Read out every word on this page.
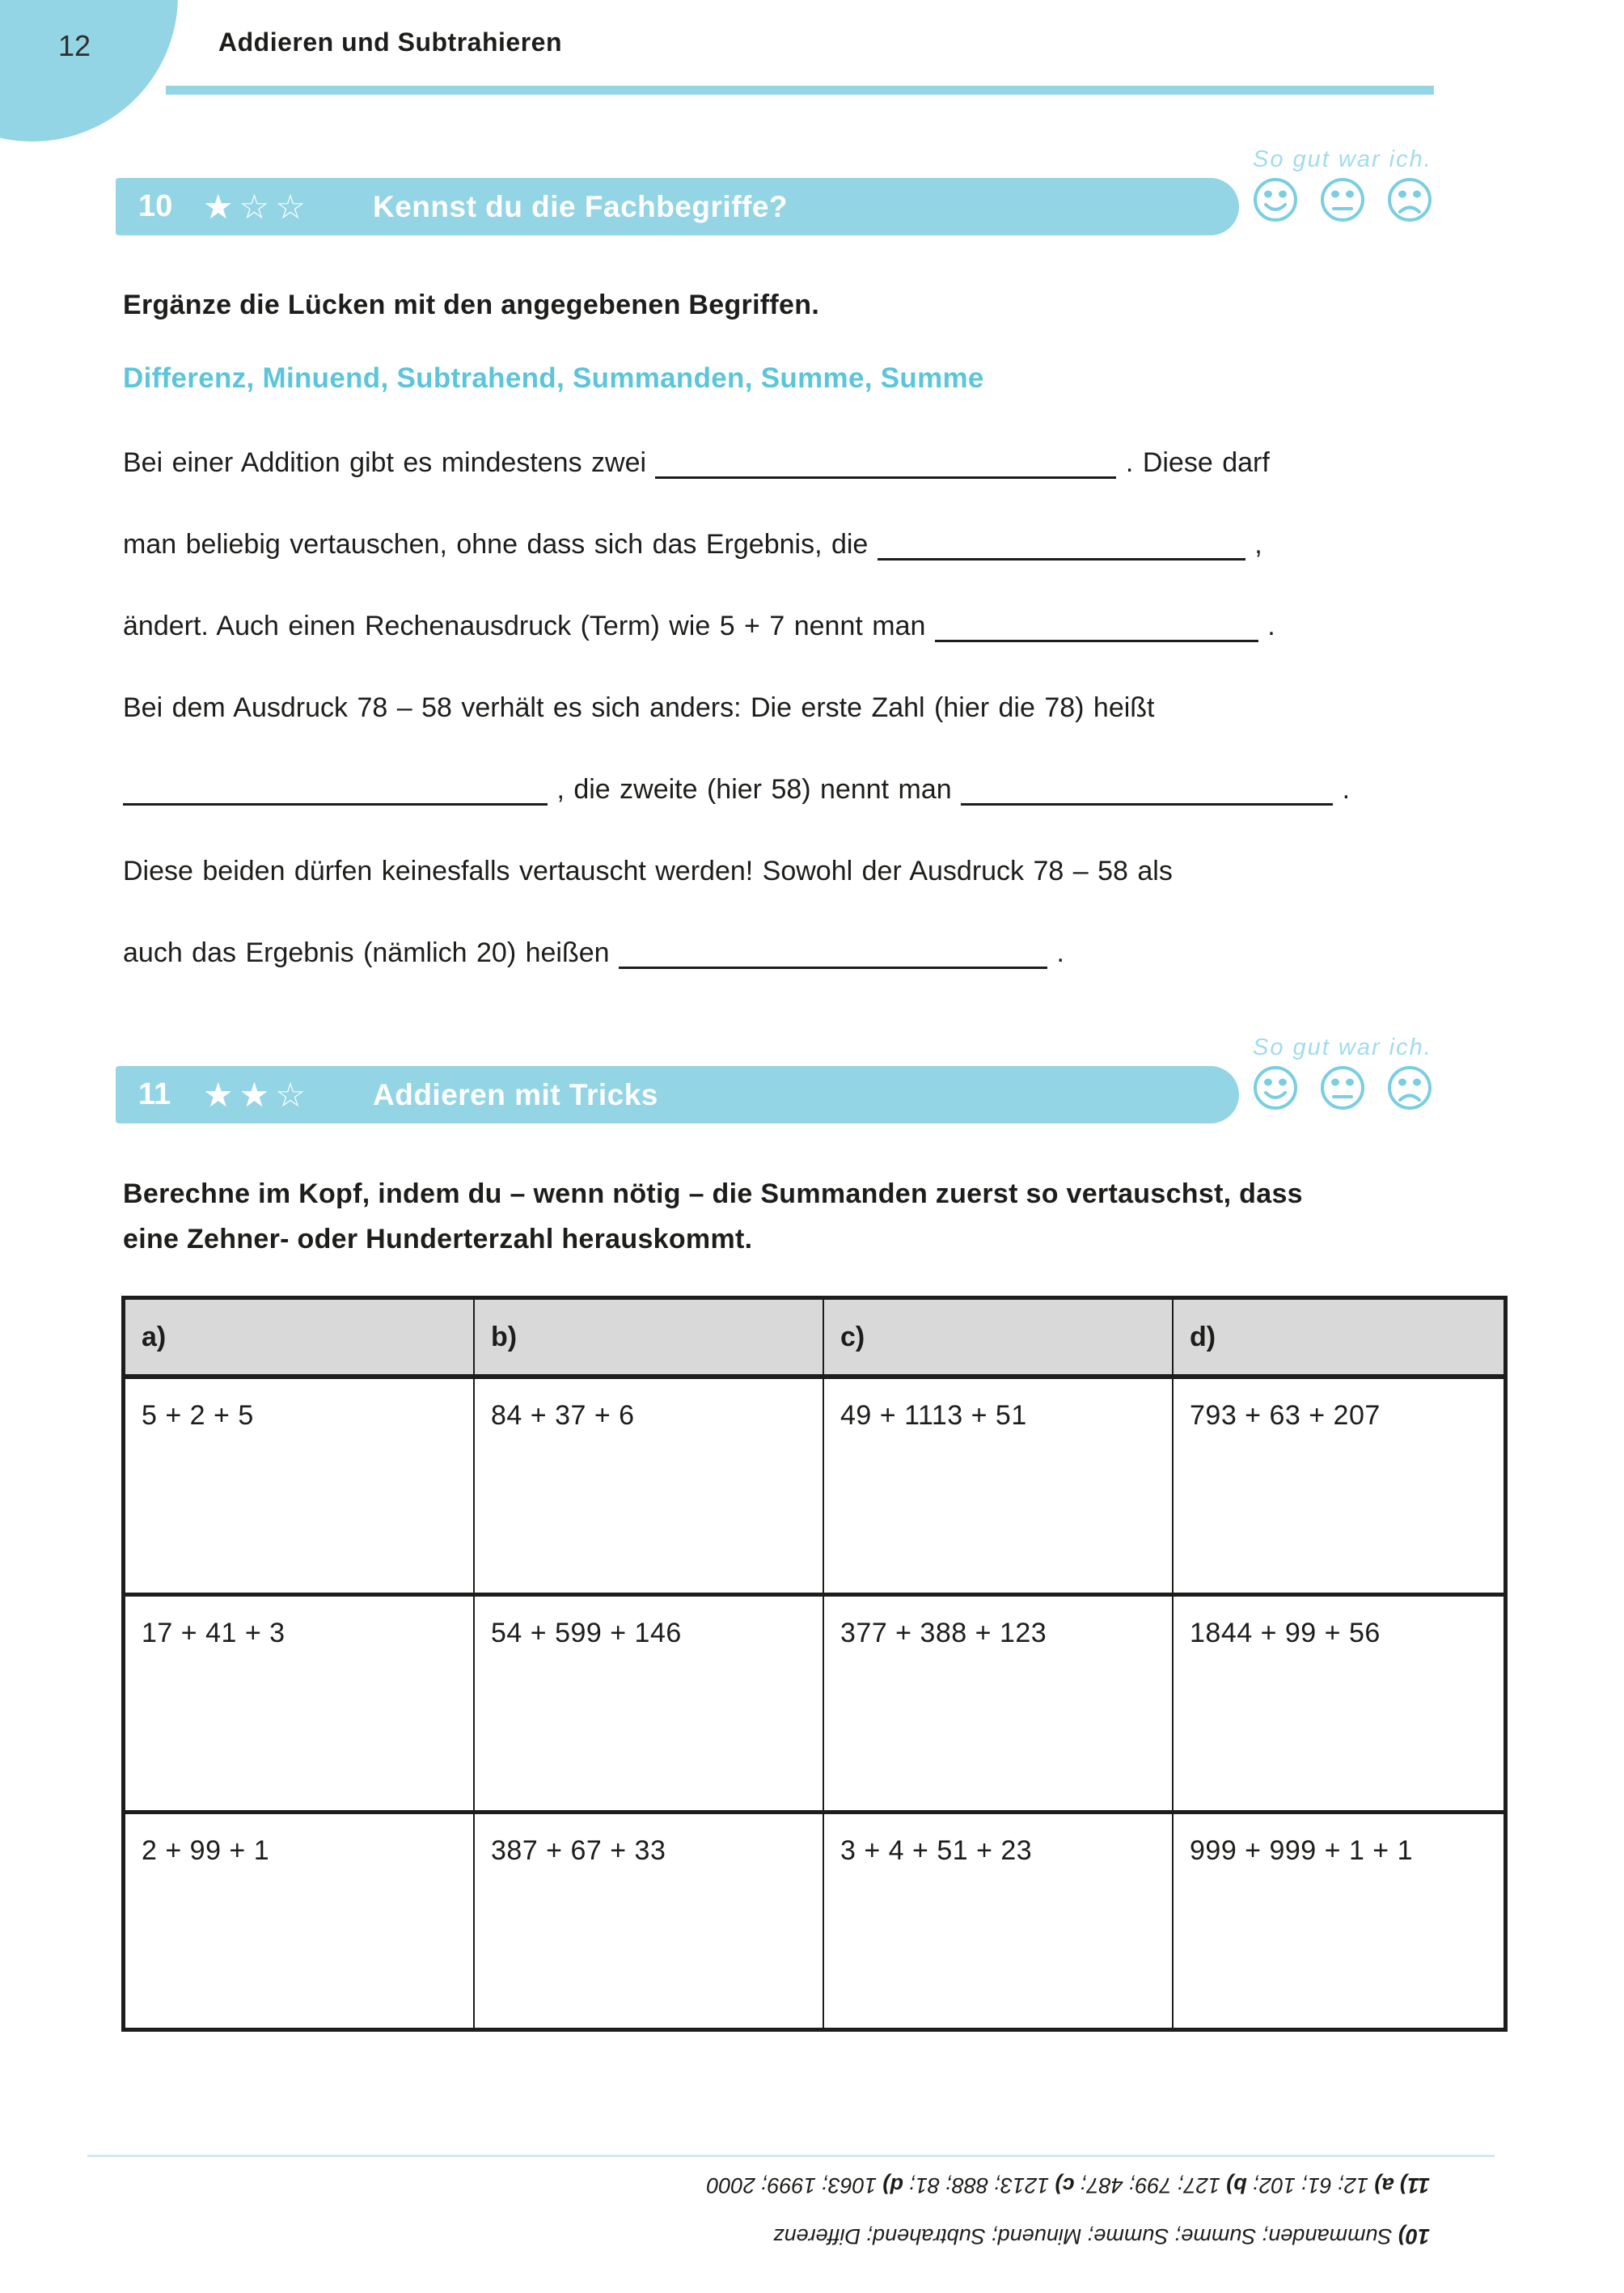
12	Addieren und Subtrahieren
10 ★☆☆ Kennst du die Fachbegriffe?
So gut war ich.
Ergänze die Lücken mit den angegebenen Begriffen.
Differenz, Minuend, Subtrahend, Summanden, Summe, Summe
Bei einer Addition gibt es mindestens zwei	. Diese darf
man beliebig vertauschen, ohne dass sich das Ergebnis, die	,
ändert. Auch einen Rechenausdruck (Term) wie 5 + 7 nennt man	.
Bei dem Ausdruck 78 – 58 verhält es sich anders: Die erste Zahl (hier die 78) heißt
, die zweite (hier 58) nennt man	.
Diese beiden dürfen keinesfalls vertauscht werden! Sowohl der Ausdruck 78 – 58 als
auch das Ergebnis (nämlich 20) heißen	.
11 ★★☆ Addieren mit Tricks
So gut war ich.
Berechne im Kopf, indem du – wenn nötig – die Summanden zuerst so vertauschst, dass
eine Zehner- oder Hunderterzahl herauskommt.
a)	b)	c)	d)
5 + 2 + 5	84 + 37 + 6	49 + 1113 + 51	793 + 63 + 207
17 + 41 + 3	54 + 599 + 146	377 + 388 + 123	1844 + 99 + 56
2 + 99 + 1	387 + 67 + 33	3 + 4 + 51 + 23	999 + 999 + 1 + 1
10) Summanden; Summe; Summe; Minuend; Subtrahend; Differenz
11) a) 12; 61; 102; b) 127; 799; 487; c) 1213; 888; 81; d) 1063; 1999; 2000
